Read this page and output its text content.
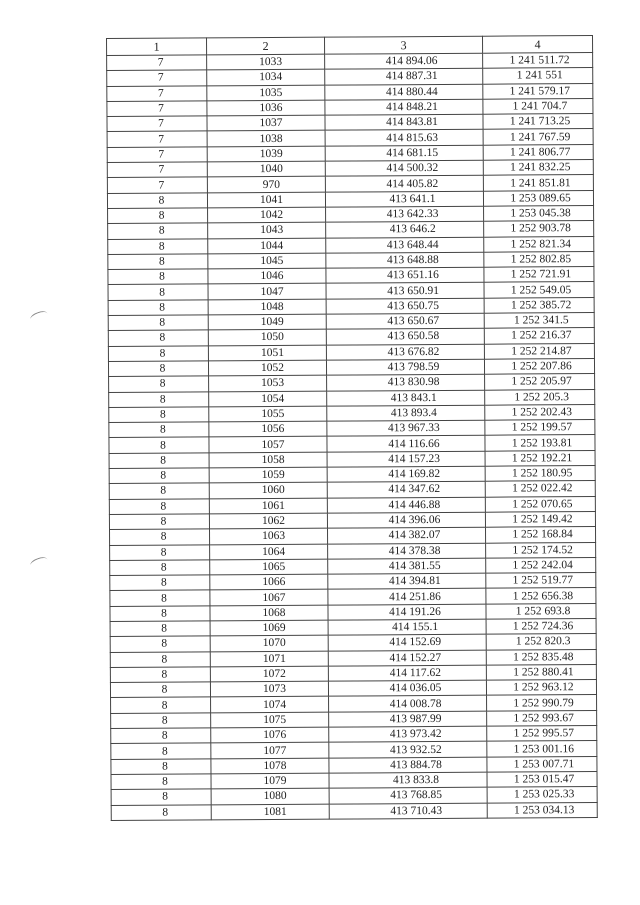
1	2	3	4
7	1033	414 894.06	1 241 511.72
7	1034	414 887.31	1 241 551
7	1035	414 880.44	1 241 579.17
7	1036	414 848.21	1 241 704.7
7	1037	414 843.81	1 241 713.25
7	1038	414 815.63	1 241 767.59
7	1039	414 681.15	1 241 806.77
7	1040	414 500.32	1 241 832.25
7	970	414 405.82	1 241 851.81
8	1041	413 641.1	1 253 089.65
8	1042	413 642.33	1 253 045.38
8	1043	413 646.2	1 252 903.78
8	1044	413 648.44	1 252 821.34
8	1045	413 648.88	1 252 802.85
8	1046	413 651.16	1 252 721.91
8	1047	413 650.91	1 252 549.05
8	1048	413 650.75	1 252 385.72
8	1049	413 650.67	1 252 341.5
8	1050	413 650.58	1 252 216.37
8	1051	413 676.82	1 252 214.87
8	1052	413 798.59	1 252 207.86
8	1053	413 830.98	1 252 205.97
8	1054	413 843.1	1 252 205.3
8	1055	413 893.4	1 252 202.43
8	1056	413 967.33	1 252 199.57
8	1057	414 116.66	1 252 193.81
8	1058	414 157.23	1 252 192.21
8	1059	414 169.82	1 252 180.95
8	1060	414 347.62	1 252 022.42
8	1061	414 446.88	1 252 070.65
8	1062	414 396.06	1 252 149.42
8	1063	414 382.07	1 252 168.84
8	1064	414 378.38	1 252 174.52
8	1065	414 381.55	1 252 242.04
8	1066	414 394.81	1 252 519.77
8	1067	414 251.86	1 252 656.38
8	1068	414 191.26	1 252 693.8
8	1069	414 155.1	1 252 724.36
8	1070	414 152.69	1 252 820.3
8	1071	414 152.27	1 252 835.48
8	1072	414 117.62	1 252 880.41
8	1073	414 036.05	1 252 963.12
8	1074	414 008.78	1 252 990.79
8	1075	413 987.99	1 252 993.67
8	1076	413 973.42	1 252 995.57
8	1077	413 932.52	1 253 001.16
8	1078	413 884.78	1 253 007.71
8	1079	413 833.8	1 253 015.47
8	1080	413 768.85	1 253 025.33
8	1081	413 710.43	1 253 034.13
